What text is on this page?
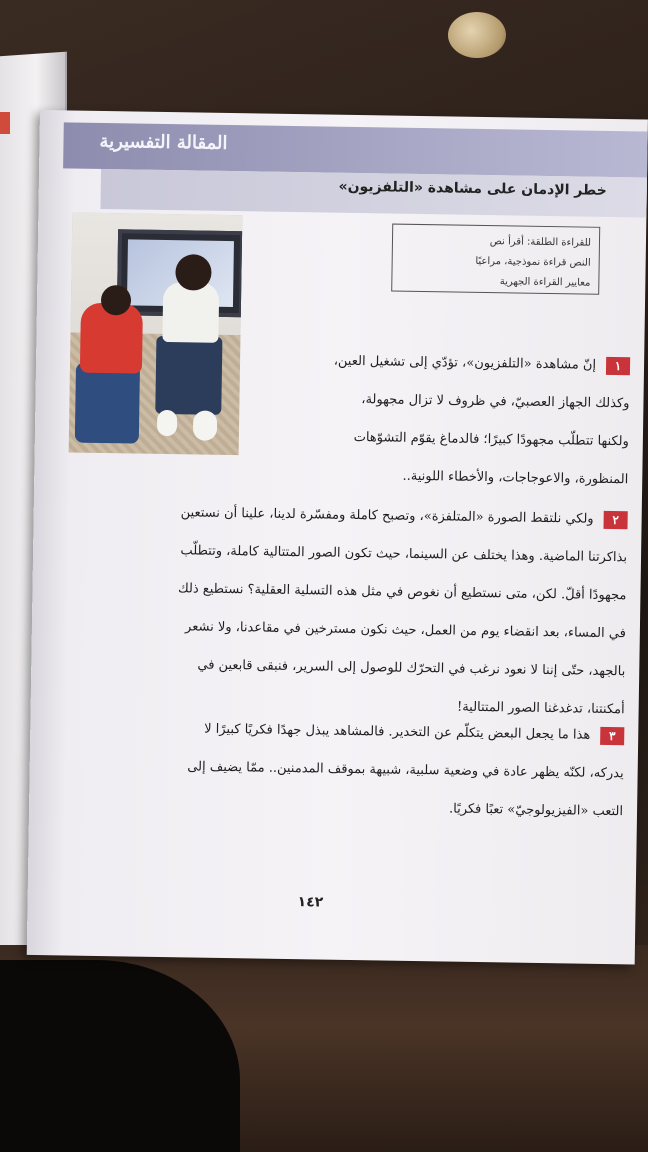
المقالة التفسيرية
خطر الإدمان على مشاهدة «التلفزيون»
للقراءة الطلقة: أقرأ نص
النص قراءة نموذجية، مراعيًا
معايير القراءة الجهرية
١إنّ مشاهدة «التلفزيون»، تؤدّي إلى تشغيل العين،
وكذلك الجهاز العصبيّ، في ظروف لا تزال مجهولة،
ولكنها تتطلّب مجهودًا كبيرًا؛ فالدماغ يقوّم التشوّهات
المنظورة، والاعوجاجات، والأخطاء اللونية..
٢ولكي نلتقط الصورة «المتلفزة»، وتصبح كاملة ومفسّرة لدينا، علينا أن نستعين
بذاكرتنا الماضية. وهذا يختلف عن السينما، حيث تكون الصور المتتالية كاملة، وتتطلّب
مجهودًا أقلّ. لكن، متى نستطيع أن نغوص في مثل هذه التسلية العقلية؟ نستطيع ذلك
في المساء، بعد انقضاء يوم من العمل، حيث نكون مسترخين في مقاعدنا، ولا نشعر
بالجهد، حتّى إننا لا نعود نرغب في التحرّك للوصول إلى السرير، فنبقى قابعين في
أمكنتنا، تدغدغنا الصور المتتالية!
٣هذا ما يجعل البعض يتكلّم عن التخدير. فالمشاهد يبذل جهدًا فكريًا كبيرًا لا
يدركه، لكنّه يظهر عادة في وضعية سلبية، شبيهة بموقف المدمنين.. ممّا يضيف إلى
التعب «الفيزيولوجيّ» تعبًا فكريًا.
١٤٢
